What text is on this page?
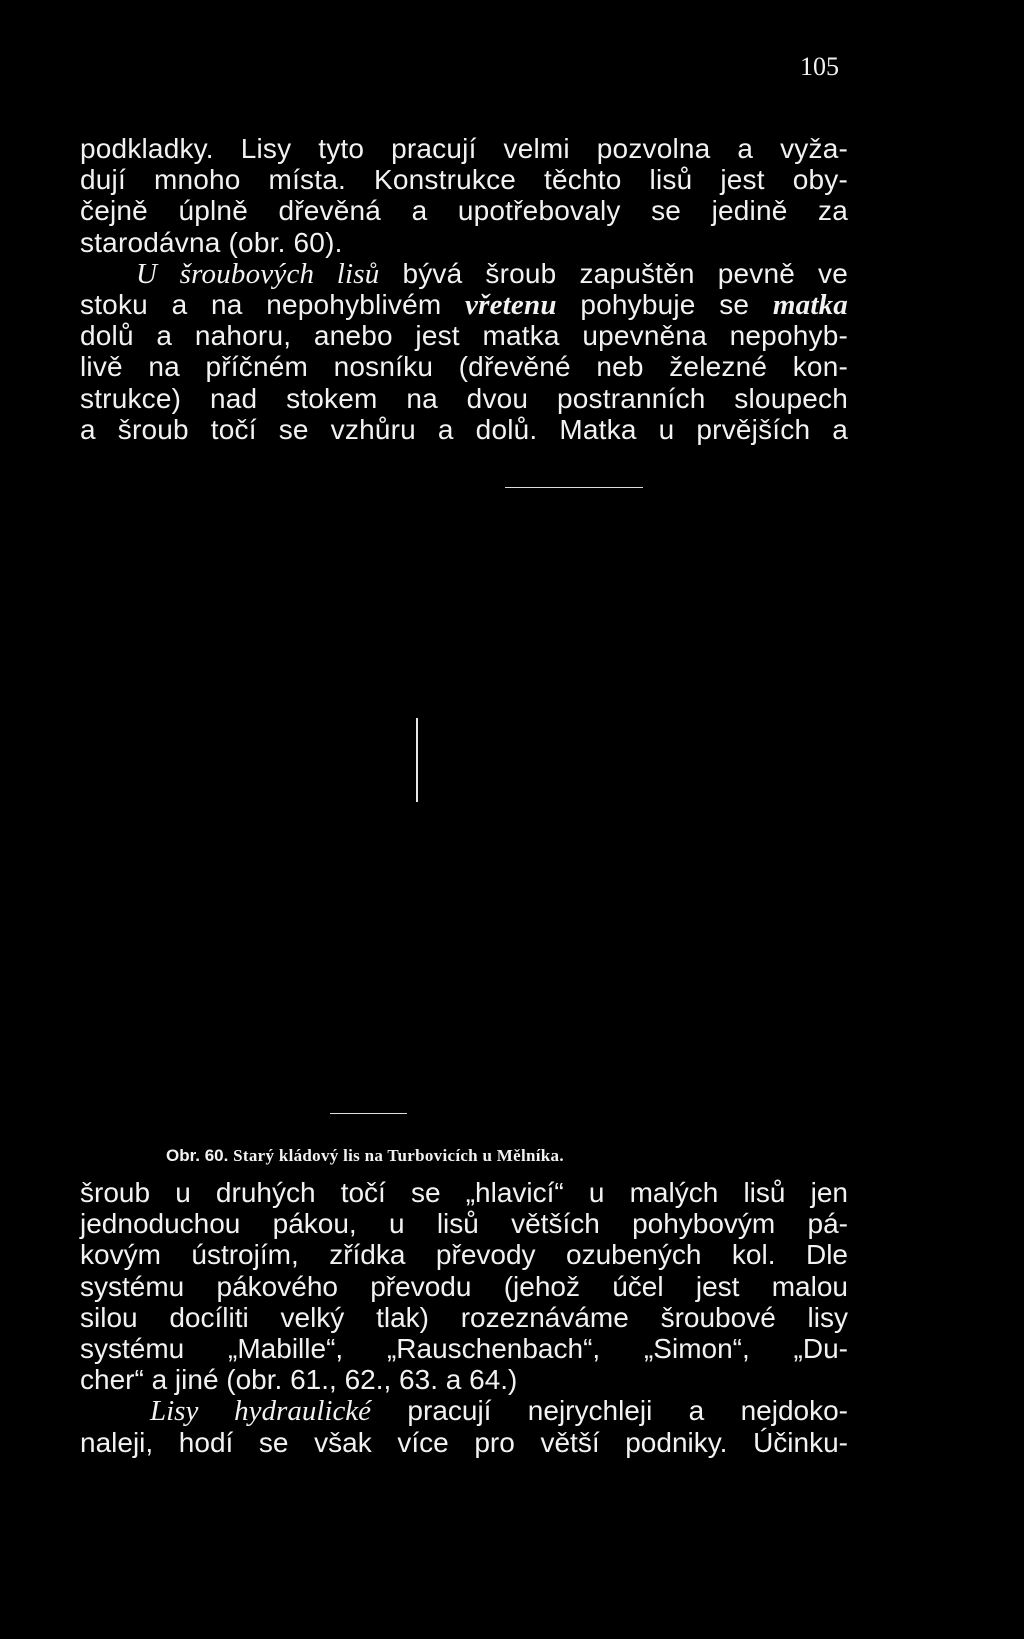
105
podkladky. Lisy tyto pracují velmi pozvolna a vyža-
dují mnoho místa. Konstrukce těchto lisů jest oby-
čejně úplně dřevěná a upotřebovaly se jedině za
starodávna (obr. 60).
U šroubových lisů bývá šroub zapuštěn pevně ve
stoku a na nepohyblivém vřetenu pohybuje se matka
dolů a nahoru, anebo jest matka upevněna nepohyb-
livě na příčném nosníku (dřevěné neb železné kon-
strukce) nad stokem na dvou postranních sloupech
a šroub točí se vzhůru a dolů. Matka u prvějších a
Obr. 60. Starý kládový lis na Turbovicích u Mělníka.
šroub u druhých točí se „hlavicí“ u malých lisů jen
jednoduchou pákou, u lisů větších pohybovým pá-
kovým ústrojím, zřídka převody ozubených kol. Dle
systému pákového převodu (jehož účel jest malou
silou docíliti velký tlak) rozeznáváme šroubové lisy
systému „Mabille“, „Rauschenbach“, „Simon“, „Du-
cher“ a jiné (obr. 61., 62., 63. a 64.)
Lisy hydraulické pracují nejrychleji a nejdoko-
naleji, hodí se však více pro větší podniky. Účinku-
